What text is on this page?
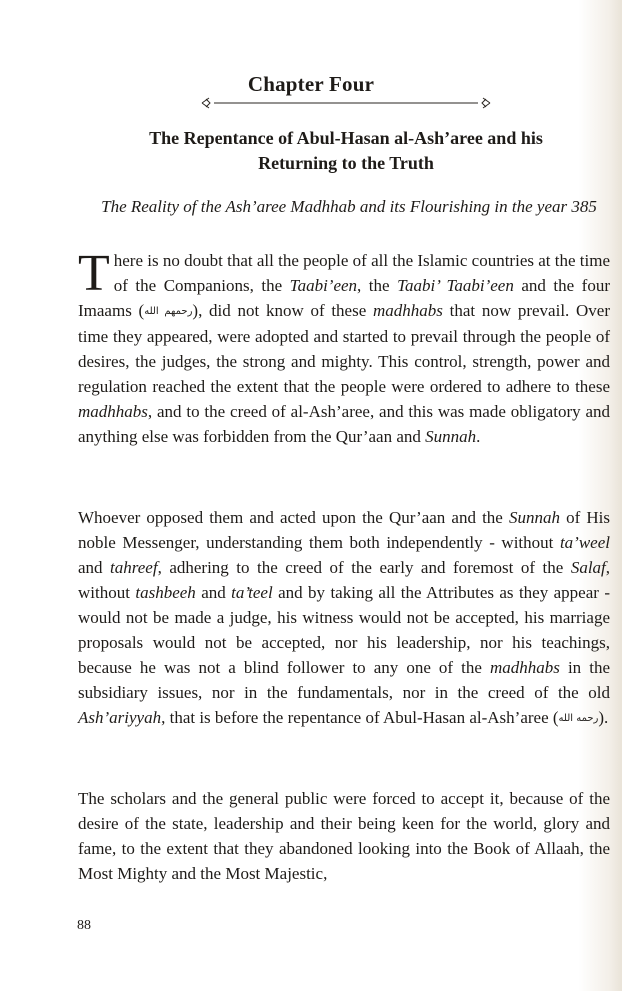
Chapter Four
The Repentance of Abul-Hasan al-Ash’aree and his
Returning to the Truth
The Reality of the Ash’aree Madhhab and its Flourishing in the year 385

There is no doubt that all the people of all the Islamic countries at the time of the Companions, the Taabi’een, the Taabi’ Taabi’een and the four Imaams (رحمهم الله), did not know of these madhhabs that now prevail. Over time they appeared, were adopted and started to prevail through the people of desires, the judges, the strong and mighty. This control, strength, power and regulation reached the extent that the people were ordered to adhere to these madhhabs, and to the creed of al-Ash’aree, and this was made obligatory and anything else was forbidden from the Qur’aan and Sunnah.

Whoever opposed them and acted upon the Qur’aan and the Sunnah of His noble Messenger, understanding them both independently - without ta’weel and tahreef, adhering to the creed of the early and foremost of the Salaf, without tashbeeh and ta’teel and by taking all the Attributes as they appear - would not be made a judge, his witness would not be accepted, his marriage proposals would not be accepted, nor his leadership, nor his teachings, because he was not a blind follower to any one of the madhhabs in the subsidiary issues, nor in the fundamentals, nor in the creed of the old Ash’ariyyah, that is before the repentance of Abul-Hasan al-Ash’aree (رحمه الله).

The scholars and the general public were forced to accept it, because of the desire of the state, leadership and their being keen for the world, glory and fame, to the extent that they abandoned looking into the Book of Allaah, the Most Mighty and the Most Majestic,

88
